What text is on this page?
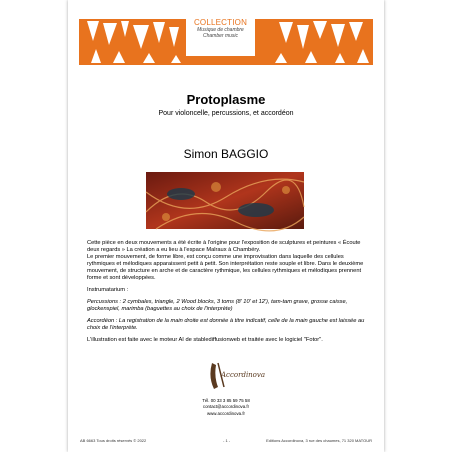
COLLECTION
Musique de chambre
Chamber music
Protoplasme
Pour violoncelle, percussions, et accordéon
Simon BAGGIO

Cette pièce en deux mouvements a été écrite à l'origine pour l'exposition de sculptures et peintures « Écoute deux regards » La création a eu lieu à l'espace Malraux à Chambéry.
Le premier mouvement, de forme libre, est conçu comme une improvisation dans laquelle des cellules rythmiques et mélodiques apparaissent petit à petit. Son interprétation reste souple et libre. Dans le deuxième mouvement, de structure en arche et de caractère rythmique, les cellules rythmiques et mélodiques prennent forme et sont développées.

Instrumatarium :

Percussions : 2 cymbales, triangle, 2 Wood blocks, 3 toms (8' 10' et 12'), tam-tam grave, grosse caisse, glockenspiel, marimba (baguettes au choix de l'interprète)

Accordéon : La registration de la main droite est donnée à titre indicatif, celle de la main gauche est laissée au choix de l'interprète.

L'illustration est faite avec le moteur AI de stablediffusionweb et traitée avec le logiciel "Fotor".

Accordinova
Tél. 00 33 3 85 59 75 58
contact@accordinova.fr
www.accordinova.fr
AB 6663 Tous droits réservés © 2022	- 1 -	Editions Accordinova, 3 rue des chaumes, 71 320 MATOUR
